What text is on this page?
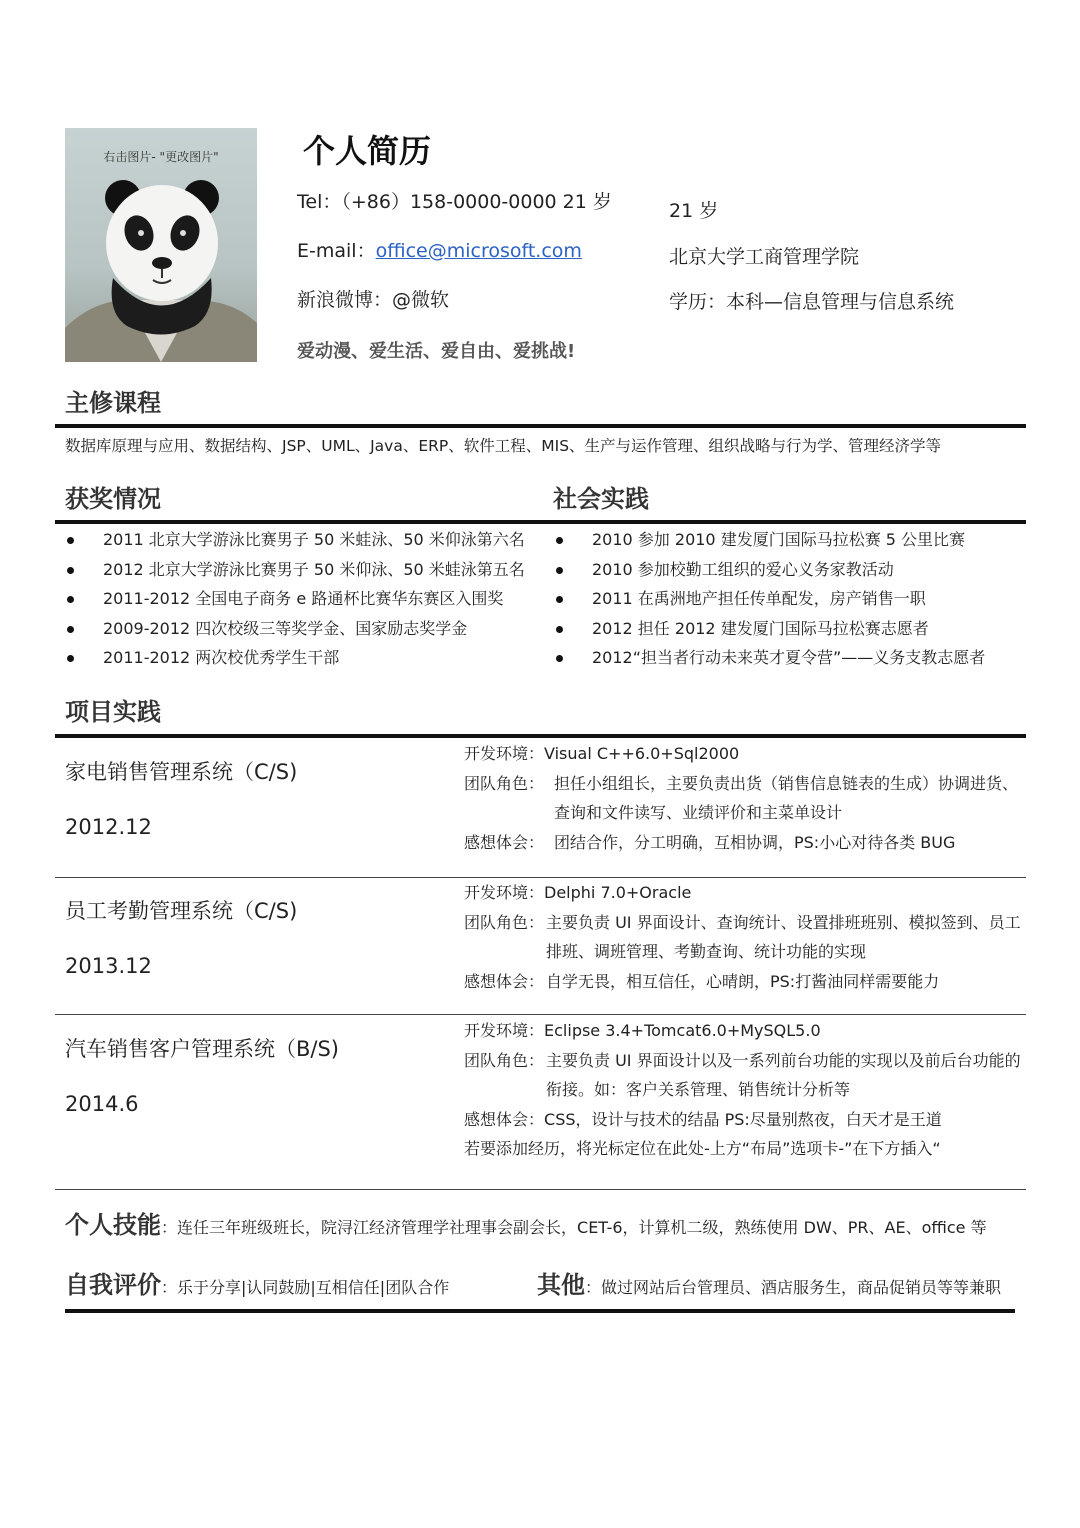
右击图片- "更改图片"	个人简历
Tel：（+86）158-0000-0000 21 岁
E-mail：office@microsoft.com
新浪微博：@微软
爱动漫、爱生活、爱自由、爱挑战!
21 岁
北京大学工商管理学院
学历：本科—信息管理与信息系统
主修课程
数据库原理与应用、数据结构、JSP、UML、Java、ERP、软件工程、MIS、生产与运作管理、组织战略与行为学、管理经济学等
获奖情况	社会实践
2011 北京大学游泳比赛男子 50 米蛙泳、50 米仰泳第六名
2012 北京大学游泳比赛男子 50 米仰泳、50 米蛙泳第五名
2011-2012 全国电子商务 e 路通杯比赛华东赛区入围奖
2009-2012 四次校级三等奖学金、国家励志奖学金
2011-2012 两次校优秀学生干部
2010 参加 2010 建发厦门国际马拉松赛 5 公里比赛
2010 参加校勤工组织的爱心义务家教活动
2011 在禹洲地产担任传单配发，房产销售一职
2012 担任 2012 建发厦门国际马拉松赛志愿者
2012“担当者行动未来英才夏令营”——义务支教志愿者
项目实践
家电销售管理系统（C/S)
2012.12
开发环境： Visual C++6.0+Sql2000
团队角色： 担任小组组长，主要负责出货（销售信息链表的生成）协调进货、查询和文件读写、业绩评价和主菜单设计
感想体会： 团结合作，分工明确，互相协调，PS:小心对待各类 BUG
员工考勤管理系统（C/S)
2013.12
开发环境： Delphi 7.0+Oracle
团队角色： 主要负责 UI 界面设计、查询统计、设置排班班别、模拟签到、员工排班、调班管理、考勤查询、统计功能的实现
感想体会： 自学无畏，相互信任，心晴朗，PS:打酱油同样需要能力
汽车销售客户管理系统（B/S)
2014.6
开发环境： Eclipse 3.4+Tomcat6.0+MySQL5.0
团队角色： 主要负责 UI 界面设计以及一系列前台功能的实现以及前后台功能的衔接。如：客户关系管理、销售统计分析等
感想体会： CSS，设计与技术的结晶 PS:尽量别熬夜，白天才是王道
若要添加经历，将光标定位在此处-上方“布局”选项卡-”在下方插入“
个人技能：连任三年班级班长，院浔江经济管理学社理事会副会长，CET-6，计算机二级，熟练使用 DW、PR、AE、office 等
自我评价：乐于分享|认同鼓励|互相信任|团队合作	其他：做过网站后台管理员、酒店服务生，商品促销员等等兼职
